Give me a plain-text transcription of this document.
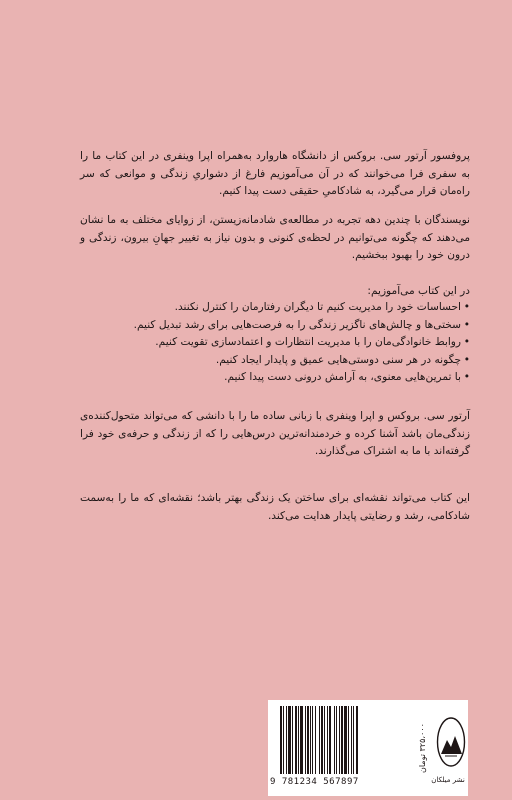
پروفسور آرتور سی. بروکس از دانشگاه هاروارد به‌همراه اپرا وینفری در این کتاب ما را به سفری فرا می‌خوانند که در آن می‌آموزیم فارغ از دشواریِ زندگی و موانعی که سر راه‌مان قرار می‌گیرد، به شادکامیِ حقیقی دست پیدا کنیم.

نویسندگان با چندین دهه تجربه در مطالعه‌ی شادمانه‌زیستن، از زوایای مختلف به ما نشان می‌دهند که چگونه می‌توانیم در لحظه‌ی کنونی و بدون نیاز به تغییر جهانِ بیرون، زندگی و درون خود را بهبود ببخشیم.

در این کتاب می‌آموزیم:

• احساسات خود را مدیریت کنیم تا دیگران رفتارمان را کنترل نکنند.
• سختی‌ها و چالش‌های ناگزیر زندگی را به فرصت‌هایی برای رشد تبدیل کنیم.
• روابط خانوادگی‌مان را با مدیریت انتظارات و اعتمادسازی تقویت کنیم.
• چگونه در هر سنی دوستی‌هایی عمیق و پایدار ایجاد کنیم.
• با تمرین‌هایی معنوی، به آرامش درونی دست پیدا کنیم.

آرتور سی. بروکس و اپرا وینفری با زبانی ساده ما را با دانشی که می‌تواند متحول‌کننده‌ی زندگی‌مان باشد آشنا کرده و خردمندانه‌ترین درس‌هایی را که از زندگی و حرفه‌ی خود فرا گرفته‌اند با ما به اشتراک می‌گذارند.

این کتاب می‌تواند نقشه‌ای برای ساختن یک زندگی بهتر باشد؛ نقشه‌ای که ما را به‌سمت شادکامی، رشد و رضایتی پایدار هدایت می‌کند.

9 781234 567897
۳۲۵،۰۰۰ تومان
نشر میلکان
